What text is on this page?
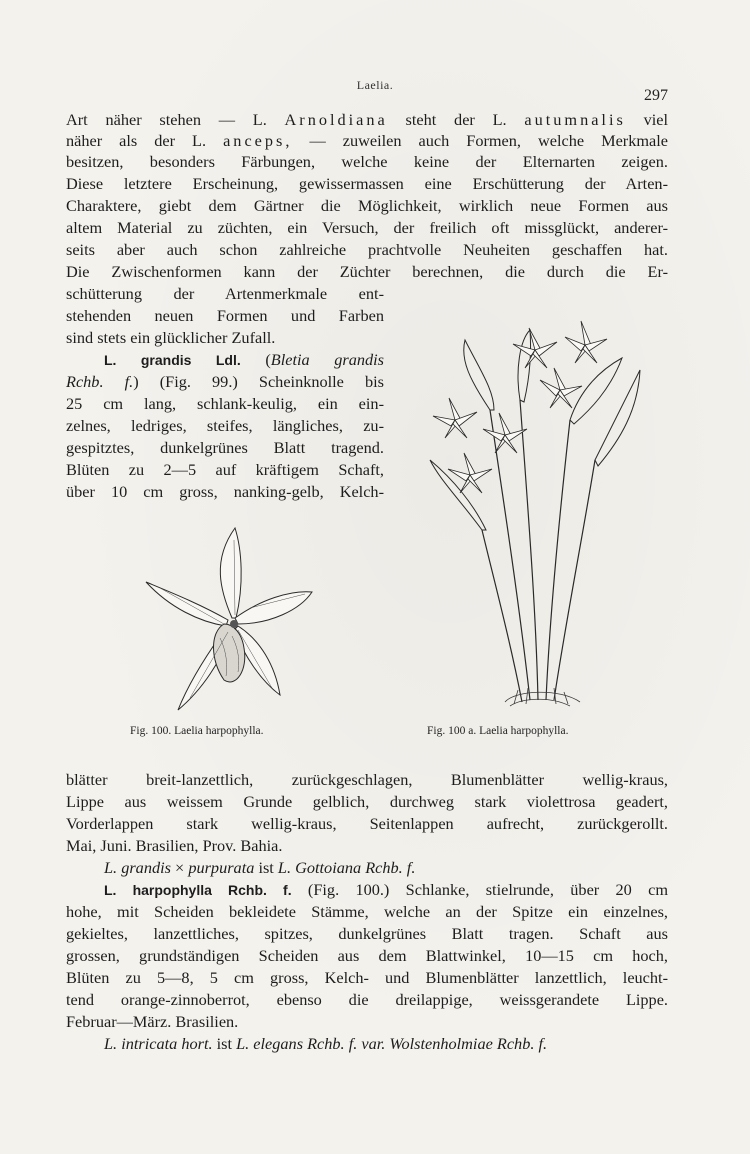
Laelia.
297
Art näher stehen — L. Arnoldiana steht der L. autumnalis viel
näher als der L. anceps, — zuweilen auch Formen, welche Merkmale
besitzen, besonders Färbungen, welche keine der Elternarten zeigen.
Diese letztere Erscheinung, gewissermassen eine Erschütterung der Arten-
Charaktere, giebt dem Gärtner die Möglichkeit, wirklich neue Formen aus
altem Material zu züchten, ein Versuch, der freilich oft missglückt, anderer-
seits aber auch schon zahlreiche prachtvolle Neuheiten geschaffen hat.
Die Zwischenformen kann der Züchter berechnen, die durch die Er-
schütterung der Artenmerkmale ent-
stehenden neuen Formen und Farben
sind stets ein glücklicher Zufall.
L. grandis Ldl. (Bletia grandis
Rchb. f.) (Fig. 99.) Scheinknolle bis
25 cm lang, schlank-keulig, ein ein-
zelnes, ledriges, steifes, längliches, zu-
gespitztes, dunkelgrünes Blatt tragend.
Blüten zu 2—5 auf kräftigem Schaft,
über 10 cm gross, nanking-gelb, Kelch-
Fig. 100. Laelia harpophylla.	Fig. 100 a. Laelia harpophylla.
blätter breit-lanzettlich, zurückgeschlagen, Blumenblätter wellig-kraus,
Lippe aus weissem Grunde gelblich, durchweg stark violettrosa geadert,
Vorderlappen stark wellig-kraus, Seitenlappen aufrecht, zurückgerollt.
Mai, Juni. Brasilien, Prov. Bahia.
L. grandis × purpurata ist L. Gottoiana Rchb. f.
L. harpophylla Rchb. f. (Fig. 100.) Schlanke, stielrunde, über 20 cm
hohe, mit Scheiden bekleidete Stämme, welche an der Spitze ein einzelnes,
gekieltes, lanzettliches, spitzes, dunkelgrünes Blatt tragen. Schaft aus
grossen, grundständigen Scheiden aus dem Blattwinkel, 10—15 cm hoch,
Blüten zu 5—8, 5 cm gross, Kelch- und Blumenblätter lanzettlich, leucht-
tend orange-zinnoberrot, ebenso die dreilappige, weissgerandete Lippe.
Februar—März. Brasilien.
L. intricata hort. ist L. elegans Rchb. f. var. Wolstenholmiae Rchb. f.
